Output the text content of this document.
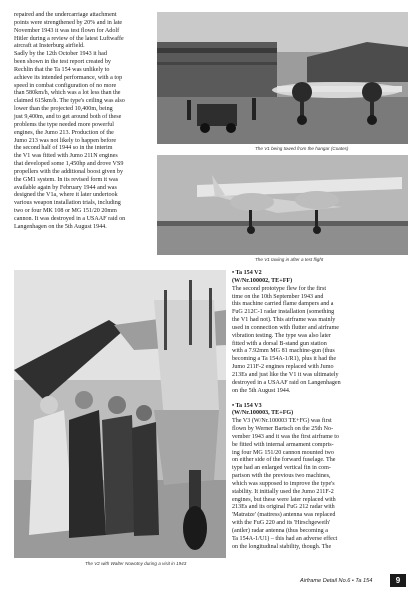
repaired and the undercarriage attachment

points were strengthened by 20% and in late

November 1943 it was test flown for Adolf

Hitler during a review of the latest Luftwaffe

aircraft at Insterburg airfield.

Sadly by the 12th October 1943 it had

been shown in the test report created by

Rechlin that the Ta 154 was unlikely to

achieve its intended performance, with a top

speed in combat configuration of no more

than 580km/h, which was a lot less than the

claimed 615km/h. The type's ceiling was also

lower than the projected 10,400m, being

just 9,400m, and to get around both of these

problems the type needed more powerful

engines, the Jumo 213. Production of the

Jumo 213 was not likely to happen before

the second half of 1944 so in the interim

the V1 was fitted with Jumo 211N engines

that developed some 1,450hp and drove VS9

propellers with the additional boost given by

the GM1 system. In its revised form it was

available again by February 1944 and was

designed the V1a, where it later undertook

various weapon installation trials, including

two or four MK 108 or MG 151/20 20mm

cannon. It was destroyed in a USAAF raid on

Langenhagen on the 5th August 1944.

The V1 being towed from the hangar (Coates)
The V1 taxiing in after a test flight
The V2 with Walter Nowotny during a visit in 1943

• Ta 154 V2

(W/Nr.100002, TE+FF)

The second prototype flew for the first

time on the 10th September 1943 and

this machine carried flame dampers and a

FuG 212C-1 radar installation (something

the V1 had not). This airframe was mainly

used in connection with flutter and airframe

vibration testing. The type was also later

fitted with a dorsal B-stand gun station

with a 7.92mm MG 81 machine-gun (thus

becoming a Ta 154A-1/R1), plus it had the

Jumo 211F-2 engines replaced with Jumo

213Es and just like the V1 it was ultimately

destroyed in a USAAF raid on Langenhagen

on the 5th August 1944.

• Ta 154 V3

(W/Nr.100003, TE+FG)

The V3 (W/Nr.100003 TE+FG) was first

flown by Werner Bartsch on the 25th No-

vember 1943 and it was the first airframe to

be fitted with internal armament compris-

ing four MG 151/20 cannon mounted two

on either side of the forward fuselage. The

type had an enlarged vertical fin in com-

parison with the previous two machines,

which was supposed to improve the type's

stability. It initially used the Jumo 211F-2

engines, but these were later replaced with

213Es and its original FuG 212 radar with

'Matratze' (mattress) antenna was replaced

with the FuG 220 and its 'Hirschgeweih'

(antler) radar antenna (thus becoming a

Ta 154A-1/U1) – this had an adverse effect

on the longitudinal stability, though. The

Airframe Detail No.6 • Ta 154	9
